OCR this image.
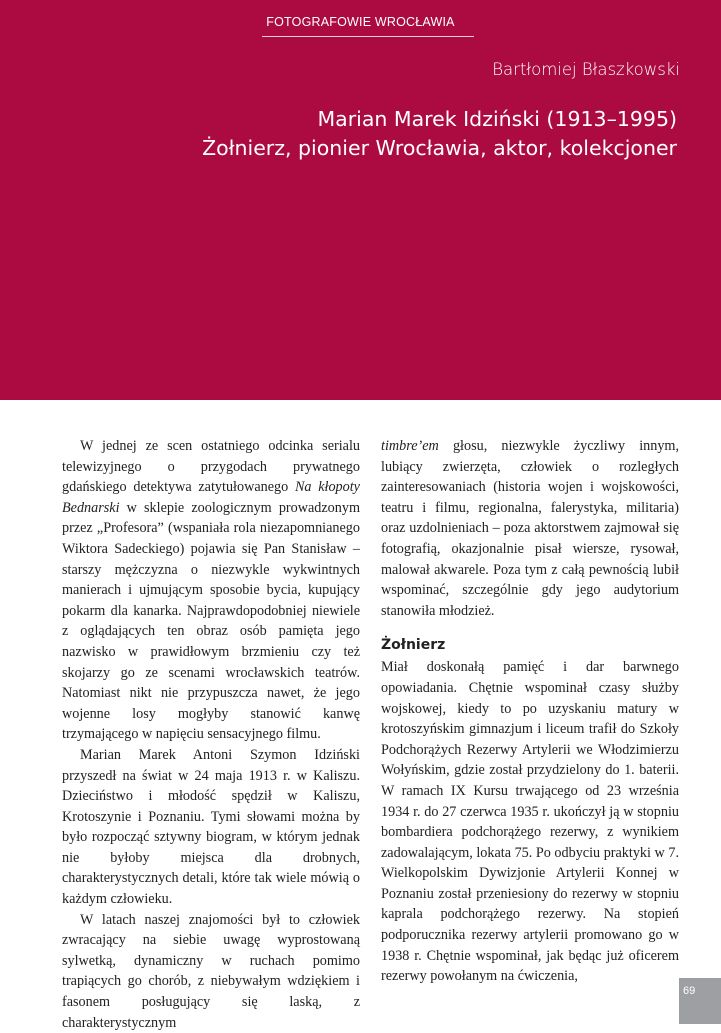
FOTOGRAFOWIE WROCŁAWIA
Bartłomiej Błaszkowski
Marian Marek Idziński (1913–1995)
Żołnierz, pionier Wrocławia, aktor, kolekcjoner

W jednej ze scen ostatniego odcinka serialu telewizyjnego o przygodach prywatnego gdańskiego detektywa zatytułowanego Na kłopoty Bednarski w sklepie zoologicznym prowadzonym przez „Profesora” (wspaniała rola niezapomnianego Wiktora Sadeckiego) pojawia się Pan Stanisław – starszy mężczyzna o niezwykle wykwintnych manierach i ujmującym sposobie bycia, kupujący pokarm dla kanarka. Najprawdopodobniej niewiele z oglądających ten obraz osób pamięta jego nazwisko w prawidłowym brzmieniu czy też skojarzy go ze scenami wrocławskich teatrów. Natomiast nikt nie przypuszcza nawet, że jego wojenne losy mogłyby stanowić kanwę trzymającego w napięciu sensacyjnego filmu.

Marian Marek Antoni Szymon Idziński przyszedł na świat w 24 maja 1913 r. w Kaliszu. Dzieciństwo i młodość spędził w Kaliszu, Krotoszynie i Poznaniu. Tymi słowami można by było rozpocząć sztywny biogram, w którym jednak nie byłoby miejsca dla drobnych, charakterystycznych detali, które tak wiele mówią o każdym człowieku.

W latach naszej znajomości był to człowiek zwracający na siebie uwagę wyprostowaną sylwetką, dynamiczny w ruchach pomimo trapiących go chorób, z niebywałym wdziękiem i fasonem posługujący się laską, z charakterystycznym

timbre’em głosu, niezwykle życzliwy innym, lubiący zwierzęta, człowiek o rozległych zainteresowaniach (historia wojen i wojskowości, teatru i filmu, regionalna, falerystyka, militaria) oraz uzdolnieniach – poza aktorstwem zajmował się fotografią, okazjonalnie pisał wiersze, rysował, malował akwarele. Poza tym z całą pewnością lubił wspominać, szczególnie gdy jego audytorium stanowiła młodzież.

Żołnierz

Miał doskonałą pamięć i dar barwnego opowiadania. Chętnie wspominał czasy służby wojskowej, kiedy to po uzyskaniu matury w krotoszyńskim gimnazjum i liceum trafił do Szkoły Podchorążych Rezerwy Artylerii we Włodzimierzu Wołyńskim, gdzie został przydzielony do 1. baterii. W ramach IX Kursu trwającego od 23 września 1934 r. do 27 czerwca 1935 r. ukończył ją w stopniu bombardiera podchorążego rezerwy, z wynikiem zadowalającym, lokata 75. Po odbyciu praktyki w 7. Wielkopolskim Dywizjonie Artylerii Konnej w Poznaniu został przeniesiony do rezerwy w stopniu kaprala podchorążego rezerwy. Na stopień podporucznika rezerwy artylerii promowano go w 1938 r. Chętnie wspominał, jak będąc już oficerem rezerwy powołanym na ćwiczenia,

69
